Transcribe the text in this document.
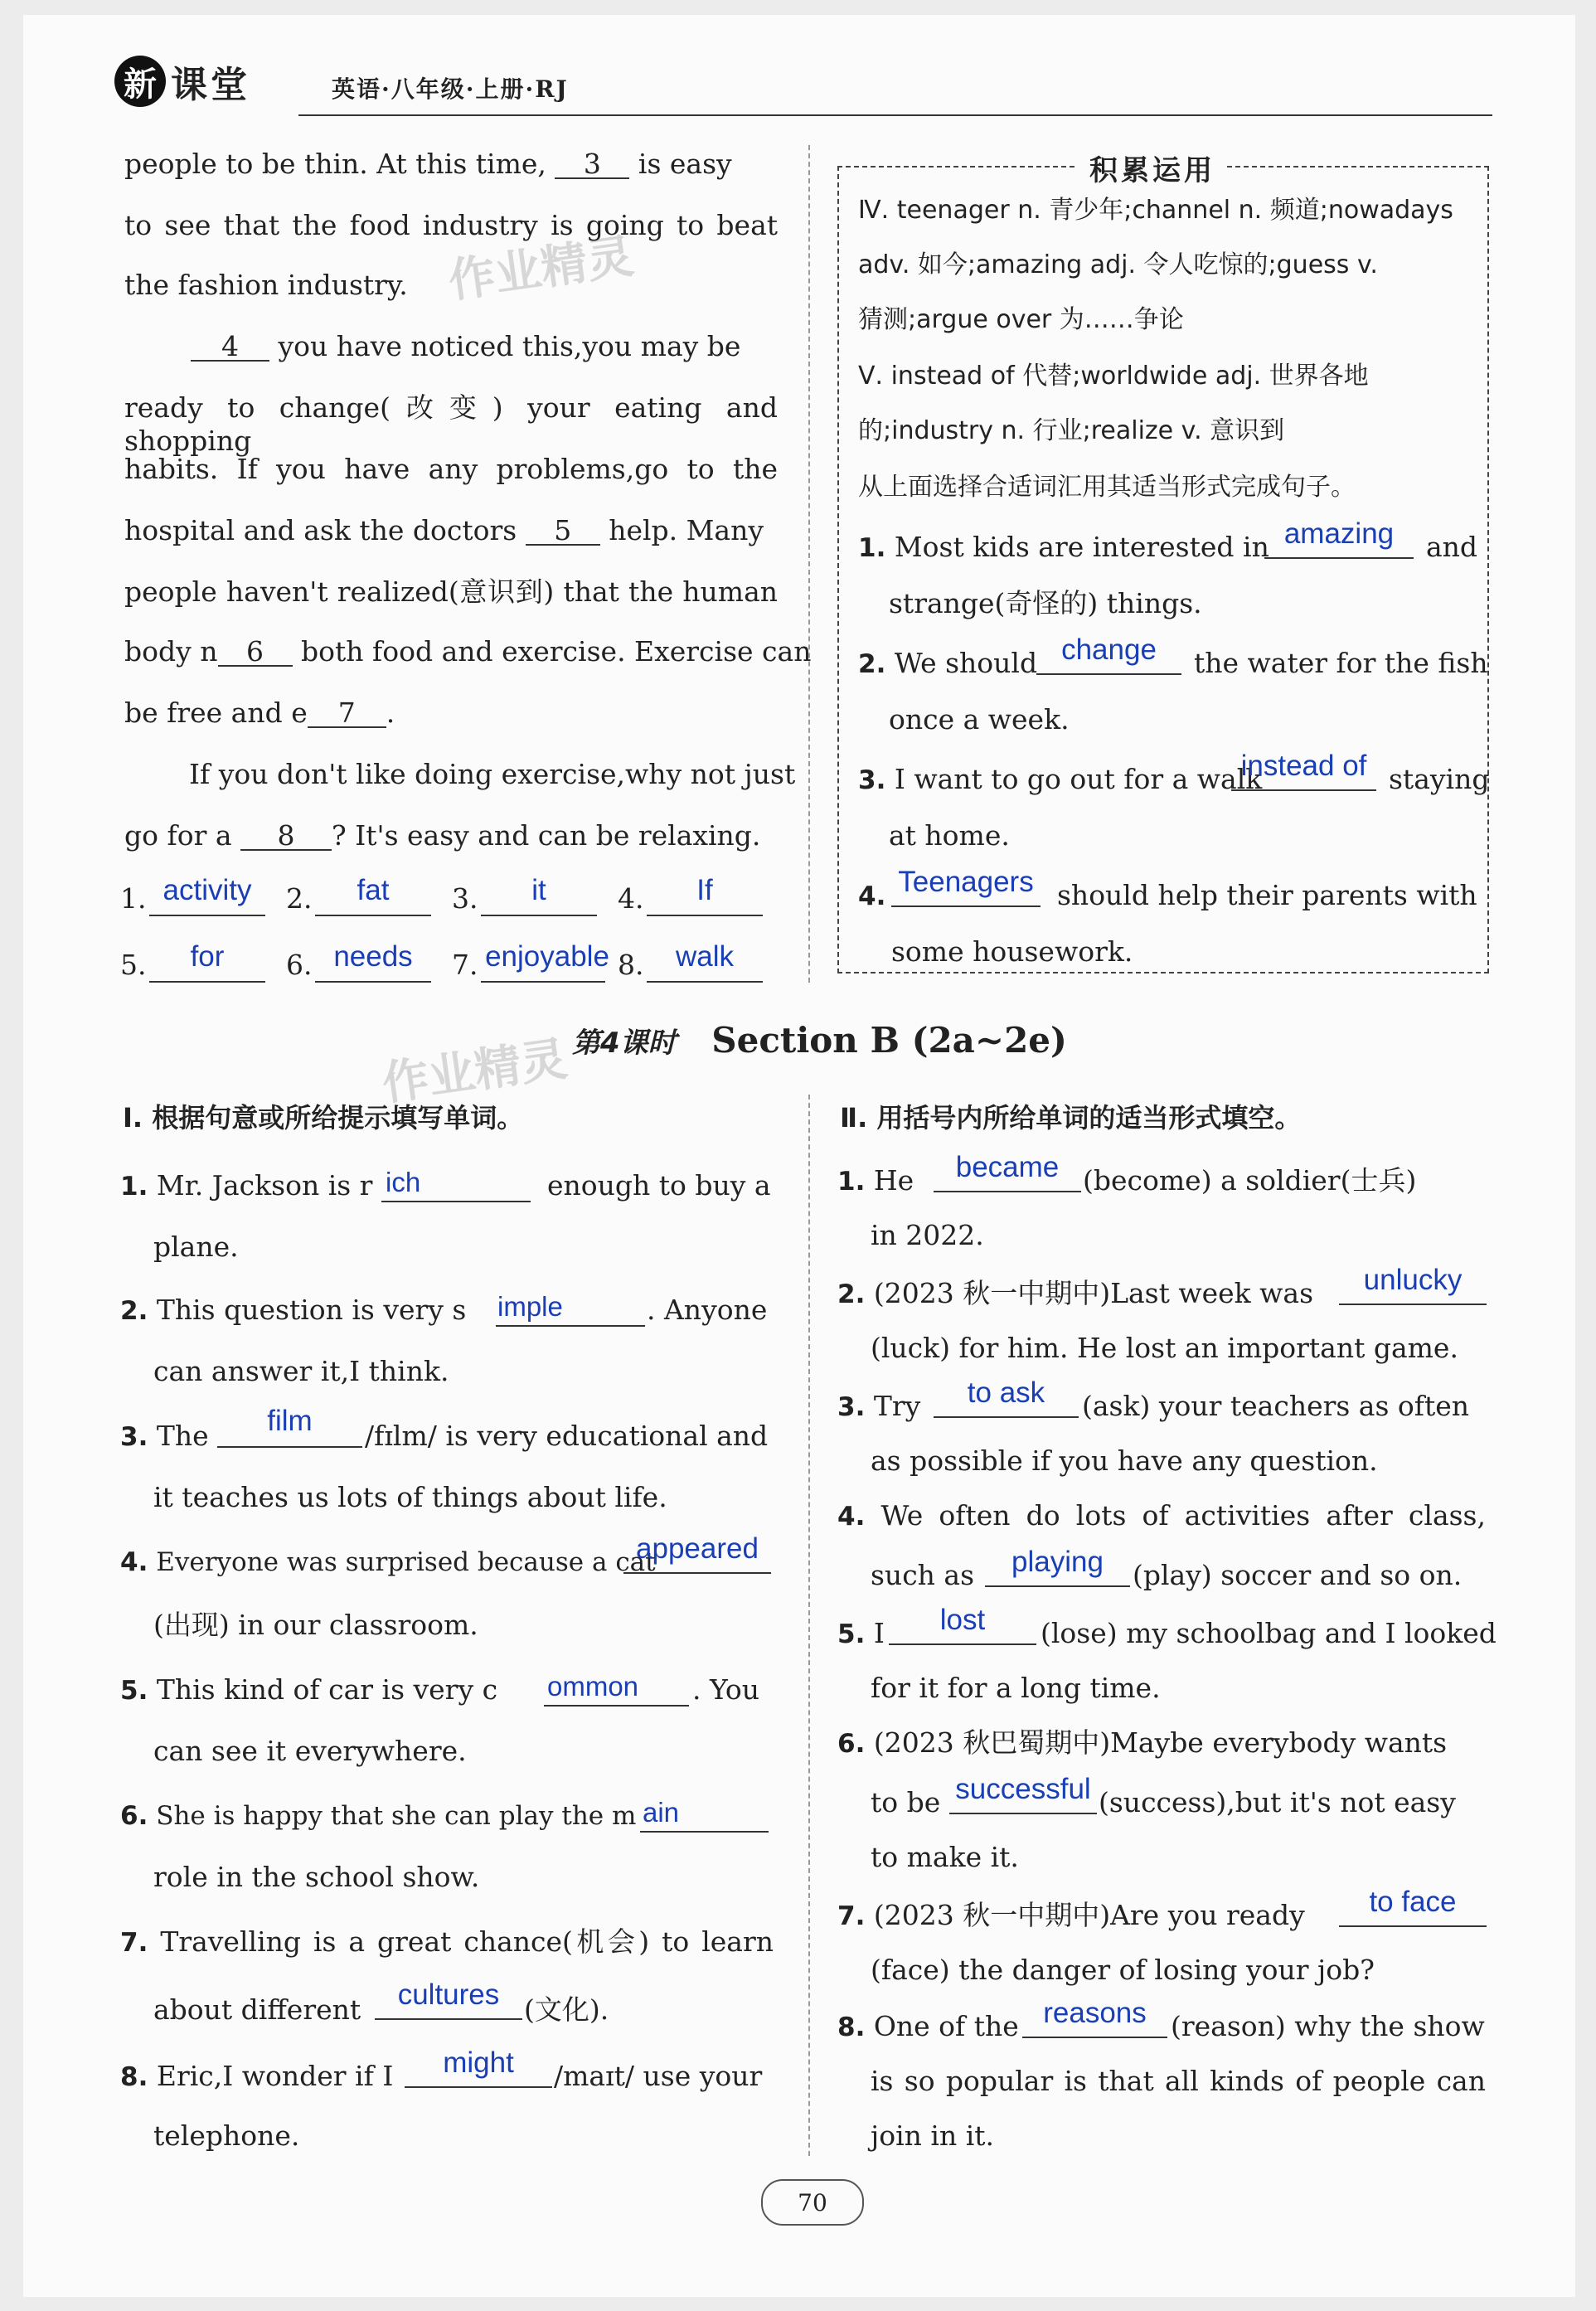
新 课堂	英语·八年级·上册·RJ
作业精灵
作业精灵
people to be thin. At this time, 3 is easy
to see that the food industry is going to beat
the fashion industry.
4 you have noticed this,you may be
ready to change(改变) your eating and shopping
habits. If you have any problems,go to the
hospital and ask the doctors 5 help. Many
people haven't realized(意识到) that the human
body n 6 both food and exercise. Exercise can
be free and e 7 .
If you don't like doing exercise,why not just
go for a 8 ? It's easy and can be relaxing.
1. activity	2.	fat	3.	it	4.	If
5.	for	6. needs	7. enjoyable 8.	walk
积累运用
Ⅳ. teenager n. 青少年;channel n. 频道;nowadays
adv. 如今;amazing adj. 令人吃惊的;guess v.
猜测;argue over 为……争论
Ⅴ. instead of 代替;worldwide adj. 世界各地
的;industry n. 行业;realize v. 意识到
从上面选择合适词汇用其适当形式完成句子。
1. Most kids are interested in amazing	and
strange(奇怪的) things.
2. We should change	the water for the fish
once a week.
3. I want to go out for a walk
instead of staying
at home.
4. Teenagers should help their parents with
some housework.
第4课时 Section B (2a~2e)
Ⅰ. 根据句意或所给提示填写单词。
1. Mr. Jackson is r ich	enough to buy a
plane.
2. This question is very s imple	. Anyone
can answer it,I think.
3. The	film	/fɪlm/ is very educational and
it teaches us lots of things about life.
4. Everyone was surprised because a cat
appeared
(出现) in our classroom.
5. This kind of car is very c ommon . You
can see it everywhere.
6. She is happy that she can play the m ain
role in the school show.
7. Travelling is a great chance(机会) to learn
about different	cultures (文化).
8. Eric,I wonder if I	might	/maɪt/ use your
telephone.
Ⅱ. 用括号内所给单词的适当形式填空。
1. He	became (become) a soldier(士兵)
in 2022.
2. (2023 秋一中期中)Last week was	unlucky
(luck) for him. He lost an important game.
3. Try	to ask	(ask) your teachers as often
as possible if you have any question.
4. We often do lots of activities after class,
such as	playing	(play) soccer and so on.
5. I	lost	(lose) my schoolbag and I looked
for it for a long time.
6. (2023 秋巴蜀期中)Maybe everybody wants
to be successful (success),but it's not easy
to make it.
7. (2023 秋一中期中)Are you ready	to face
(face) the danger of losing your job?
8. One of the reasons (reason) why the show
is so popular is that all kinds of people can
join in it.
70
